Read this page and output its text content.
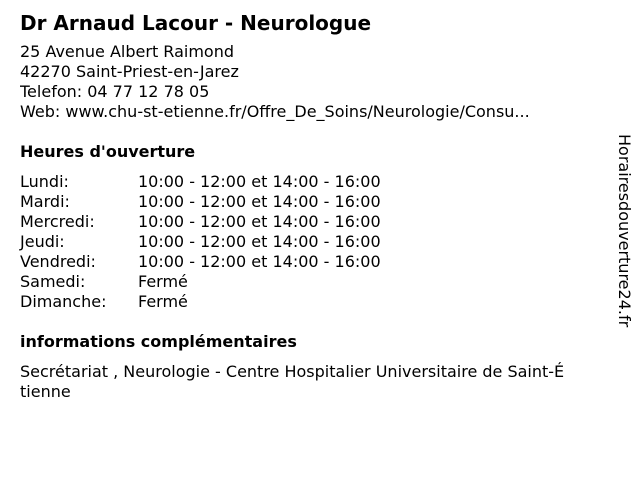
Dr Arnaud Lacour - Neurologue
25 Avenue Albert Raimond
42270 Saint-Priest-en-Jarez
Telefon: 04 77 12 78 05
Web: www.chu-st-etienne.fr/Offre_De_Soins/Neurologie/Consu...
Heures d'ouverture
Lundi:	10:00 - 12:00 et 14:00 - 16:00
Mardi:	10:00 - 12:00 et 14:00 - 16:00
Mercredi:	10:00 - 12:00 et 14:00 - 16:00
Jeudi:	10:00 - 12:00 et 14:00 - 16:00
Vendredi:	10:00 - 12:00 et 14:00 - 16:00
Samedi:	Fermé
Dimanche:	Fermé
informations complémentaires
Secrétariat , Neurologie - Centre Hospitalier Universitaire de Saint-É
tienne
Horairesdouverture24.fr
